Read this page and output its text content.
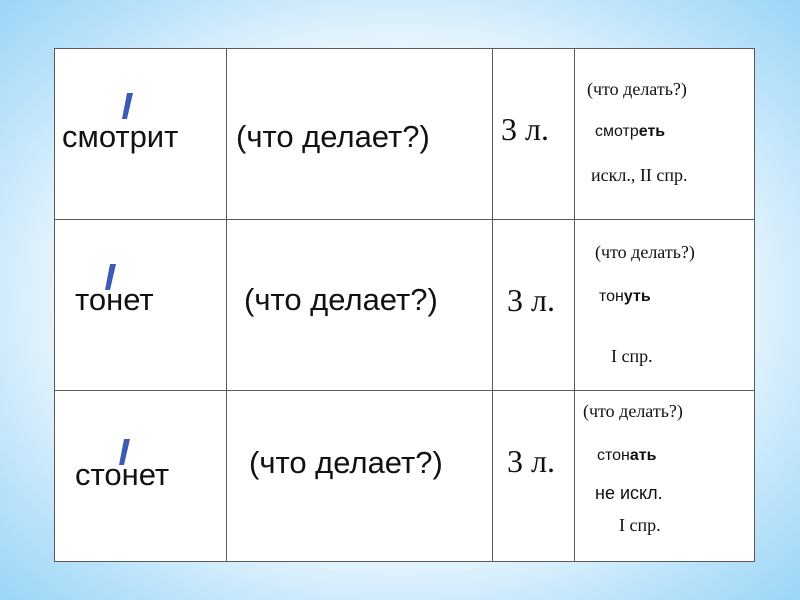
смотрит	(что делает?)	3 л.	(что делать?)
смотреть
искл., II спр.

тонет	(что делает?)	3 л.	(что делать?)
тонуть
I спр.

стонет	(что делает?)	3 л.	(что делать?)
стонать
не искл.
I спр.
